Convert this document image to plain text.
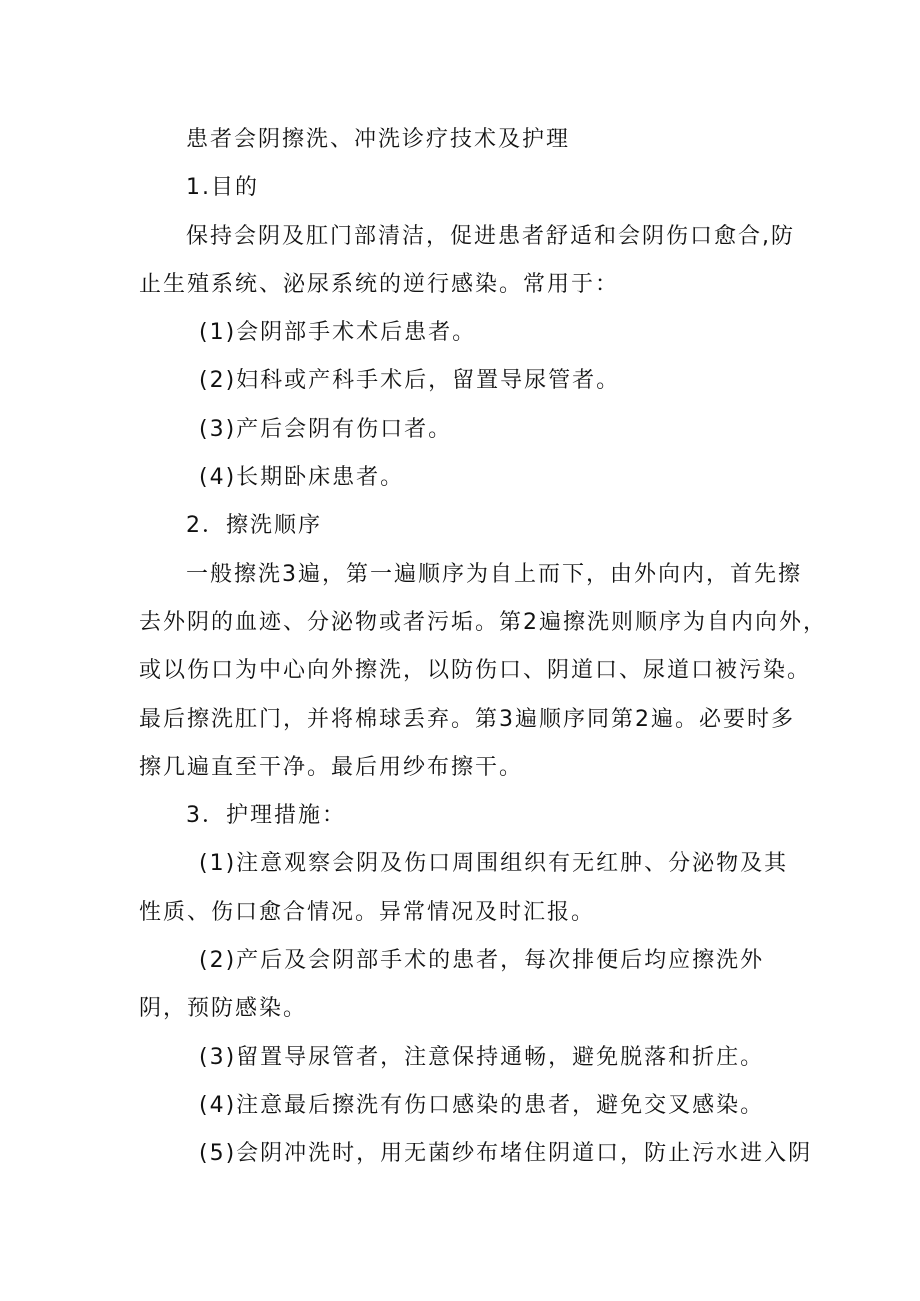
患者会阴擦洗、冲洗诊疗技术及护理
1.目的
保持会阴及肛门部清洁，促进患者舒适和会阴伤口愈合,防
止生殖系统、泌尿系统的逆行感染。常用于：
(1)会阴部手术术后患者。
(2)妇科或产科手术后，留置导尿管者。
(3)产后会阴有伤口者。
(4)长期卧床患者。
2．擦洗顺序
一般擦洗3遍，第一遍顺序为自上而下，由外向内，首先擦
去外阴的血迹、分泌物或者污垢。第2遍擦洗则顺序为自内向外，
或以伤口为中心向外擦洗，以防伤口、阴道口、尿道口被污染。
最后擦洗肛门，并将棉球丢弃。第3遍顺序同第2遍。必要时多
擦几遍直至干净。最后用纱布擦干。
3．护理措施：
(1)注意观察会阴及伤口周围组织有无红肿、分泌物及其
性质、伤口愈合情况。异常情况及时汇报。
(2)产后及会阴部手术的患者，每次排便后均应擦洗外
阴，预防感染。
(3)留置导尿管者，注意保持通畅，避免脱落和折庄。
(4)注意最后擦洗有伤口感染的患者，避免交叉感染。
(5)会阴冲洗时，用无菌纱布堵住阴道口，防止污水进入阴
